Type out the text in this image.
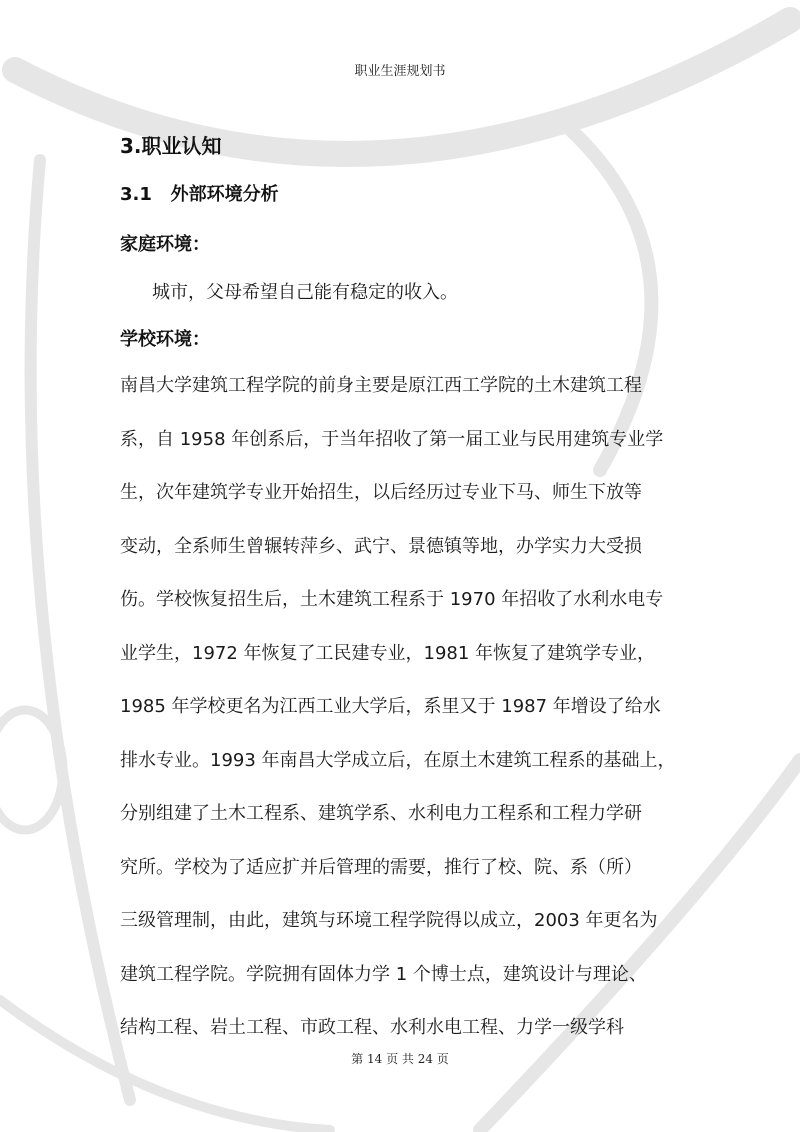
职业生涯规划书
3.职业认知
3.1   外部环境分析
家庭环境：

城市，父母希望自己能有稳定的收入。

学校环境：
南昌大学建筑工程学院的前身主要是原江西工学院的土木建筑工程
系，自 1958 年创系后，于当年招收了第一届工业与民用建筑专业学
生，次年建筑学专业开始招生，以后经历过专业下马、师生下放等
变动，全系师生曾辗转萍乡、武宁、景德镇等地，办学实力大受损
伤。学校恢复招生后，土木建筑工程系于 1970 年招收了水利水电专
业学生，1972 年恢复了工民建专业，1981 年恢复了建筑学专业，
1985 年学校更名为江西工业大学后，系里又于 1987 年增设了给水
排水专业。1993 年南昌大学成立后，在原土木建筑工程系的基础上，
分别组建了土木工程系、建筑学系、水利电力工程系和工程力学研
究所。学校为了适应扩并后管理的需要，推行了校、院、系（所）
三级管理制，由此，建筑与环境工程学院得以成立，2003 年更名为
建筑工程学院。学院拥有固体力学 1 个博士点，建筑设计与理论、
结构工程、岩土工程、市政工程、水利水电工程、力学一级学科
第 14 页 共 24 页
